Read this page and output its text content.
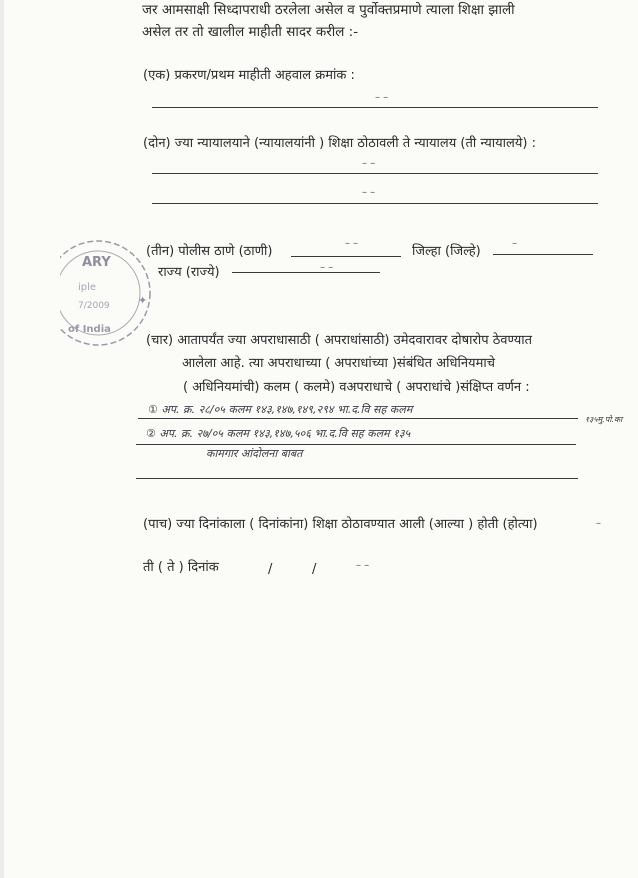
जर आमसाक्षी सिध्दापराधी ठरलेला असेल व पुर्वोक्तप्रमाणे त्याला शिक्षा झाली
असेल तर तो खालील माहीती सादर करील :-
(एक) प्रकरण/प्रथम माहीती अहवाल क्रमांक :
– –
(दोन) ज्या न्यायालयाने (न्यायालयांनी ) शिक्षा ठोठावली ते न्यायालय (ती न्यायालये) :
– –
– –
ARY
iple
7/2009
of India
✦
(तीन) पोलीस ठाणे (ठाणी)
– –
जिल्हा (जिल्हे)
–
राज्य (राज्ये)	– –
(चार) आतापर्यंत ज्या अपराधासाठी ( अपराधांसाठी) उमेदवारावर दोषारोप ठेवण्यात
आलेला आहे. त्या अपराधाच्या ( अपराधांच्या )संबंधित अधिनियमाचे
( अधिनियमांची) कलम ( कलमे) वअपराधाचे ( अपराधांचे )संक्षिप्त वर्णन :
① अप. क्र. २८/०५ कलम १४३,१४७,१४९,२९४ भा.द.वि सह कलम
१३५मु.पो.का
② अप. क्र. २७/०५ कलम १४३,१४७,५०६ भा.द.वि सह कलम १३५
कामगार आंदोलना बाबत
(पाच) ज्या दिनांकाला ( दिनांकांना) शिक्षा ठोठावण्यात आली (आल्या ) होती (होत्या)	–
ती ( ते ) दिनांक	/	/	– –
